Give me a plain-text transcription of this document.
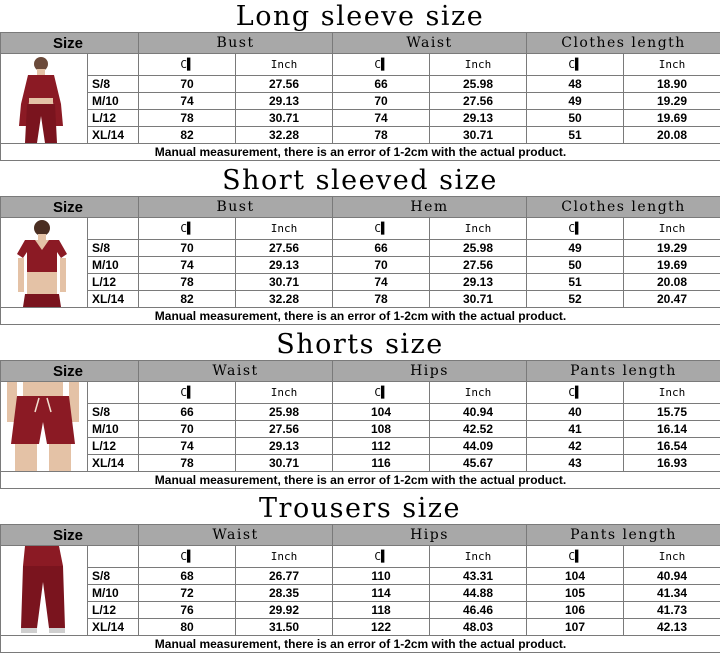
Long sleeve size
Size		Bust		Waist		Clothes length	

		C▌	Inch	C▌	Inch	C▌	Inch
	S/8	70	27.56	66	25.98	48	18.90
	M/10	74	29.13	70	27.56	49	19.29
	L/12	78	30.71	74	29.13	50	19.69
	XL/14	82	32.28	78	30.71	51	20.08
Manual measurement, there is an error of 1-2cm with the actual product.							
Short sleeved size
Size		Bust		Hem		Clothes length	

		C▌	Inch	C▌	Inch	C▌	Inch
	S/8	70	27.56	66	25.98	49	19.29
	M/10	74	29.13	70	27.56	50	19.69
	L/12	78	30.71	74	29.13	51	20.08
	XL/14	82	32.28	78	30.71	52	20.47
Manual measurement, there is an error of 1-2cm with the actual product.							
Shorts size
Size		Waist		Hips		Pants length	

		C▌	Inch	C▌	Inch	C▌	Inch
	S/8	66	25.98	104	40.94	40	15.75
	M/10	70	27.56	108	42.52	41	16.14
	L/12	74	29.13	112	44.09	42	16.54
	XL/14	78	30.71	116	45.67	43	16.93
Manual measurement, there is an error of 1-2cm with the actual product.							
Trousers size
Size		Waist		Hips		Pants length	

		C▌	Inch	C▌	Inch	C▌	Inch
	S/8	68	26.77	110	43.31	104	40.94
	M/10	72	28.35	114	44.88	105	41.34
	L/12	76	29.92	118	46.46	106	41.73
	XL/14	80	31.50	122	48.03	107	42.13
Manual measurement, there is an error of 1-2cm with the actual product.							
